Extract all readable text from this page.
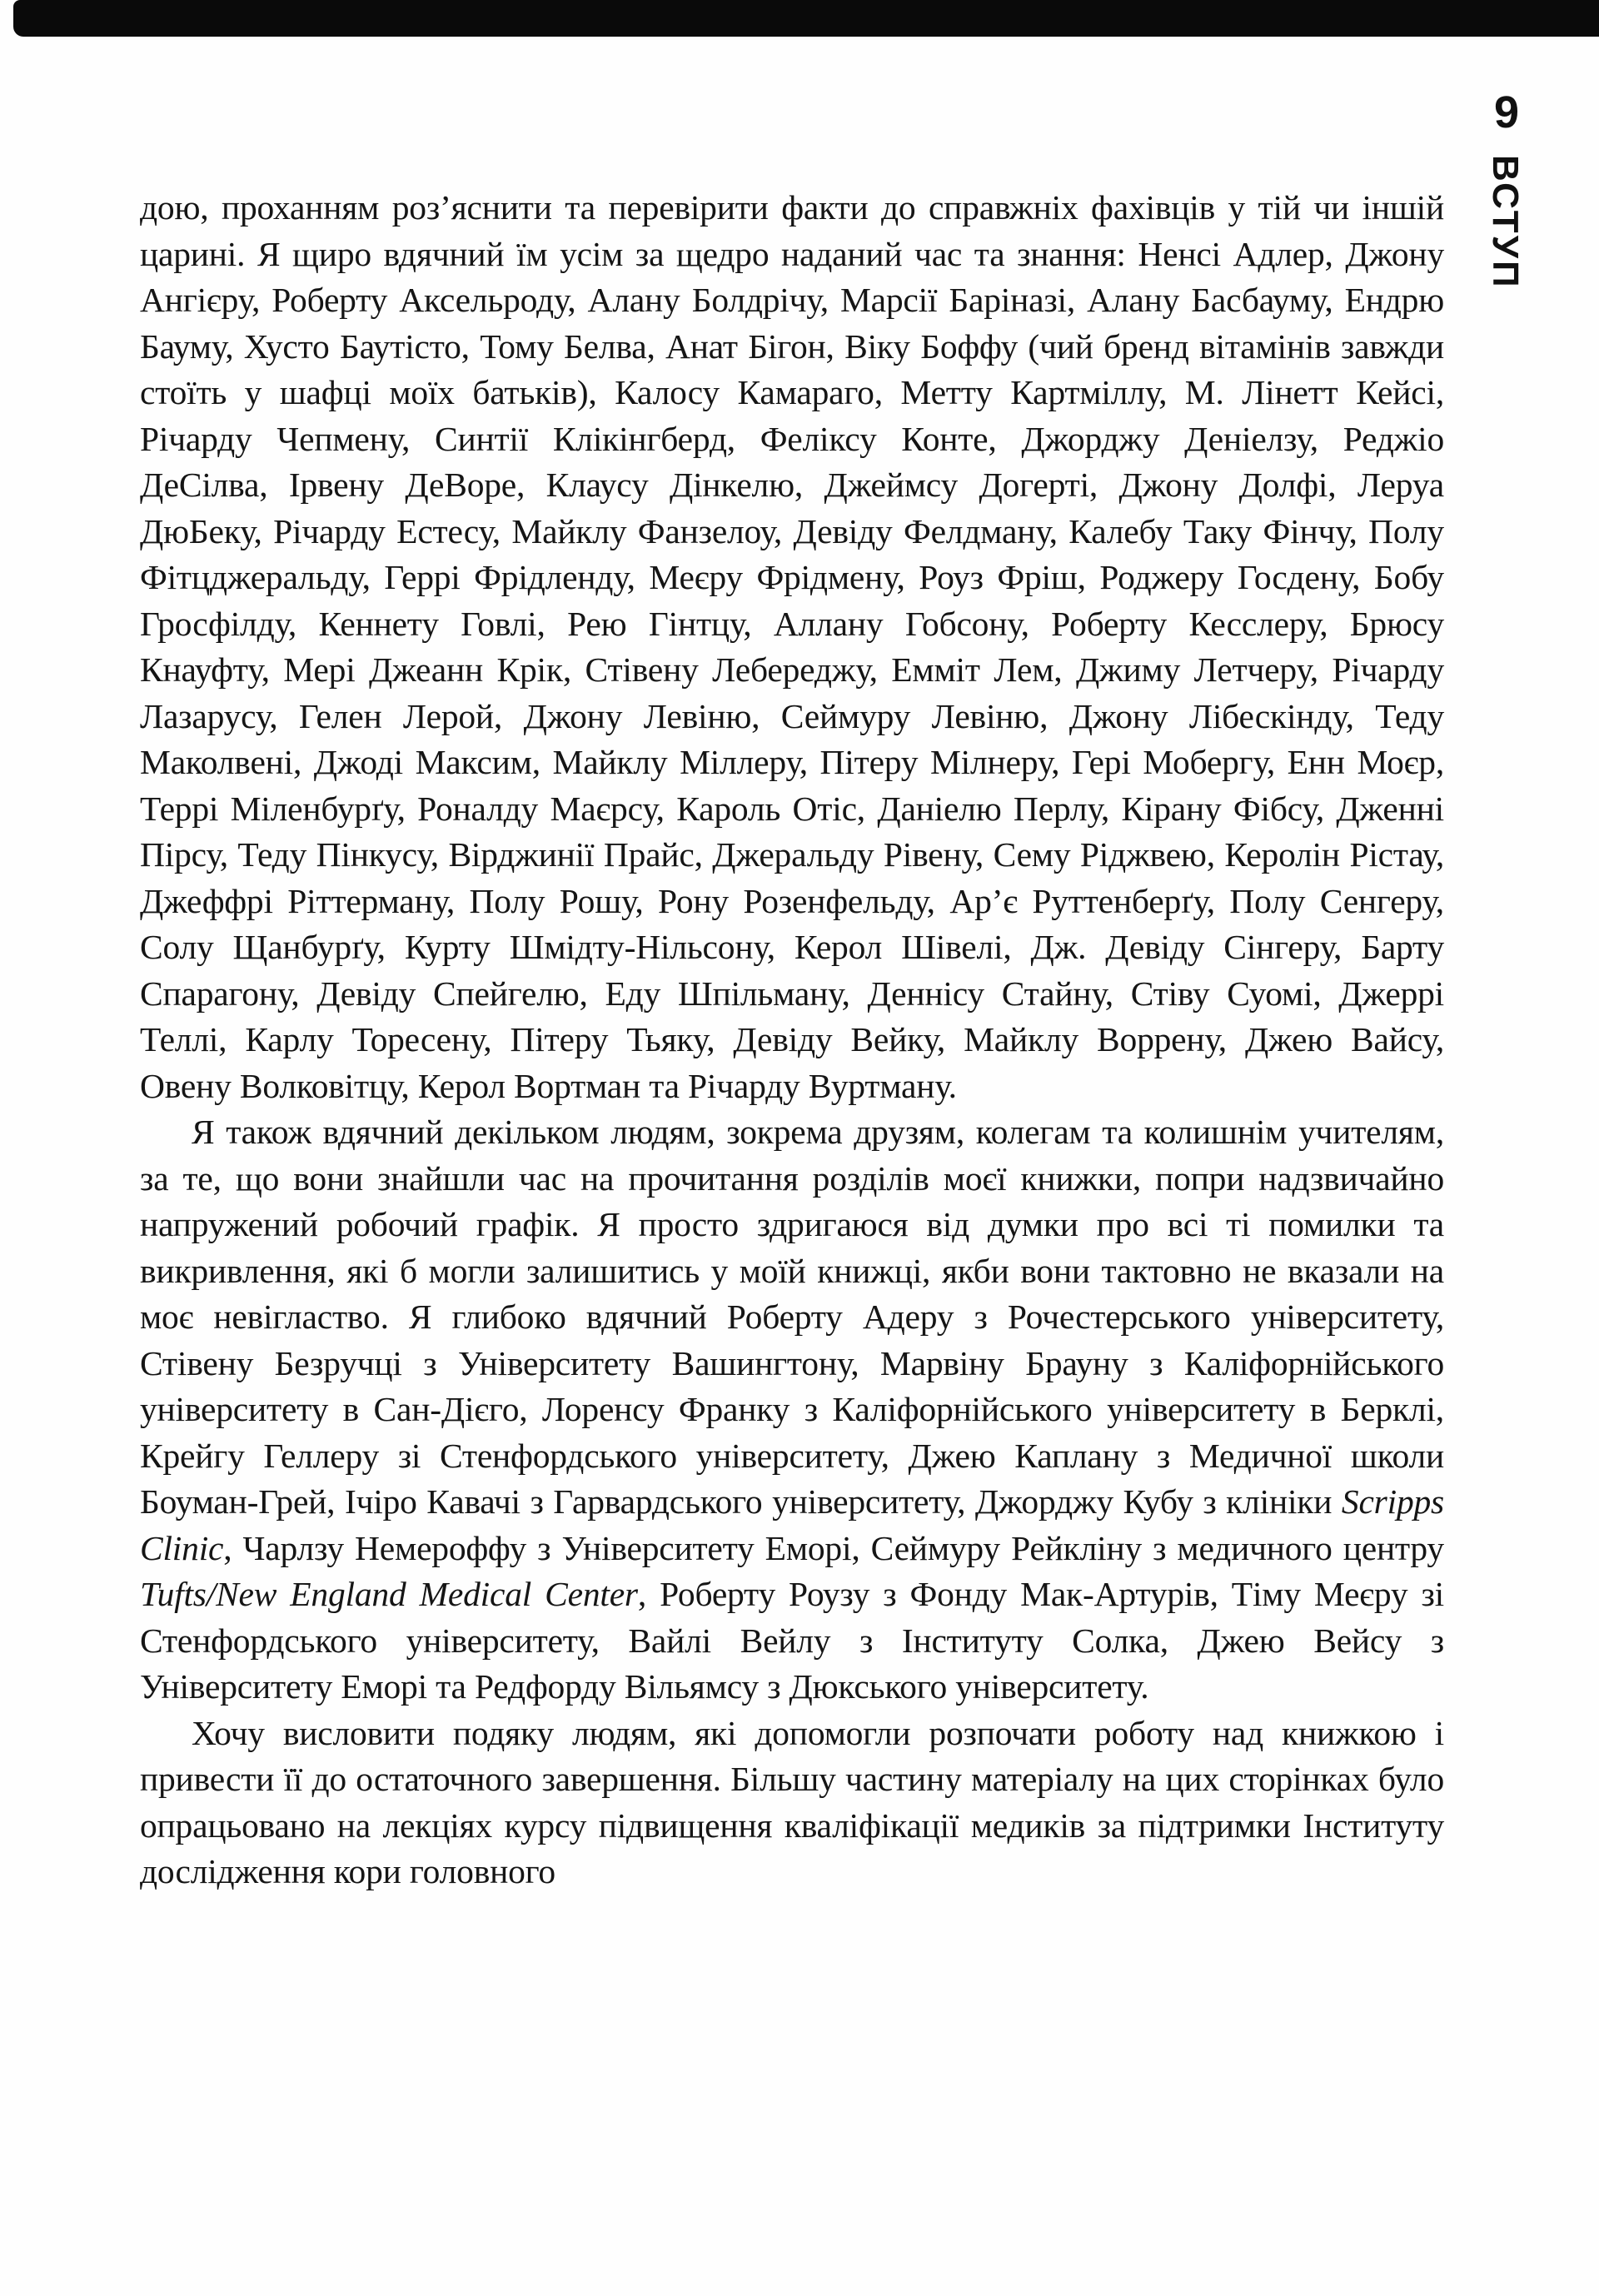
9
ВСТУП

дою, проханням роз’яснити та перевірити факти до справжніх фахівців у тій чи іншій царині. Я щиро вдячний їм усім за щедро наданий час та знання: Ненсі Адлер, Джону Ангієру, Роберту Аксельроду, Алану Болдрічу, Марсії Баріназі, Алану Басбауму, Ендрю Бауму, Хусто Баутісто, Тому Белва, Анат Бігон, Віку Боффу (чий бренд вітамінів завжди стоїть у шафці моїх батьків), Калосу Камараго, Метту Картміллу, М. Лінетт Кейсі, Річарду Чепмену, Синтії Клікінгберд, Феліксу Конте, Джорджу Деніелзу, Реджіо ДеСілва, Ірвену ДеВоре, Клаусу Дінкелю, Джеймсу Догерті, Джону Долфі, Леруа ДюБеку, Річарду Естесу, Майклу Фанзелоу, Девіду Фелдману, Калебу Таку Фінчу, Полу Фітцджеральду, Геррі Фрідленду, Меєру Фрідмену, Роуз Фріш, Роджеру Госдену, Бобу Гросфілду, Кеннету Говлі, Рею Гінтцу, Аллану Гобсону, Роберту Кесслеру, Брюсу Кнауфту, Мері Джеанн Крік, Стівену Лебереджу, Емміт Лем, Джиму Летчеру, Річарду Лазарусу, Гелен Лерой, Джону Левіню, Сеймуру Левіню, Джону Лібескінду, Теду Маколвені, Джоді Максим, Майклу Міллеру, Пітеру Мілнеру, Гері Мобергу, Енн Моєр, Террі Міленбурґу, Роналду Маєрсу, Кароль Отіс, Даніелю Перлу, Кірану Фібсу, Дженні Пірсу, Теду Пінкусу, Вірджинії Прайс, Джеральду Рівену, Сему Ріджвею, Керолін Рістау, Джеффрі Ріттерману, Полу Рошу, Рону Розенфельду, Ар’є Руттенберґу, Полу Сенгеру, Солу Щанбурґу, Курту Шмідту-Нільсону, Керол Шівелі, Дж. Девіду Сінгеру, Барту Спарагону, Девіду Спейгелю, Еду Шпільману, Деннісу Стайну, Стіву Суомі, Джеррі Теллі, Карлу Торесену, Пітеру Тьяку, Девіду Вейку, Майклу Воррену, Джею Вайсу, Овену Волковітцу, Керол Вортман та Річарду Вуртману.

Я також вдячний декільком людям, зокрема друзям, колегам та колишнім учителям, за те, що вони знайшли час на прочитання розділів моєї книжки, попри надзвичайно напружений робочий графік. Я просто здригаюся від думки про всі ті помилки та викривлення, які б могли залишитись у моїй книжці, якби вони тактовно не вказали на моє невігластво. Я глибоко вдячний Роберту Адеру з Рочестерського університету, Стівену Безручці з Університету Вашингтону, Марвіну Брауну з Каліфорнійського університету в Сан-Дієго, Лоренсу Франку з Каліфорнійського університету в Берклі, Крейгу Геллеру зі Стенфордського університету, Джею Каплану з Медичної школи Боуман-Грей, Ічіро Кавачі з Гарвардського університету, Джорджу Кубу з клініки Scripps Clinic, Чарлзу Немероффу з Університету Еморі, Сеймуру Рейкліну з медичного центру Tufts/New England Medical Center, Роберту Роузу з Фонду Мак-Артурів, Тіму Меєру зі Стенфордського університету, Вайлі Вейлу з Інституту Солка, Джею Вейсу з Університету Еморі та Редфорду Вільямсу з Дюкського університету.

Хочу висловити подяку людям, які допомогли розпочати роботу над книжкою і привести її до остаточного завершення. Більшу частину матеріалу на цих сторінках було опрацьовано на лекціях курсу підвищення кваліфікації медиків за підтримки Інституту дослідження кори головного
